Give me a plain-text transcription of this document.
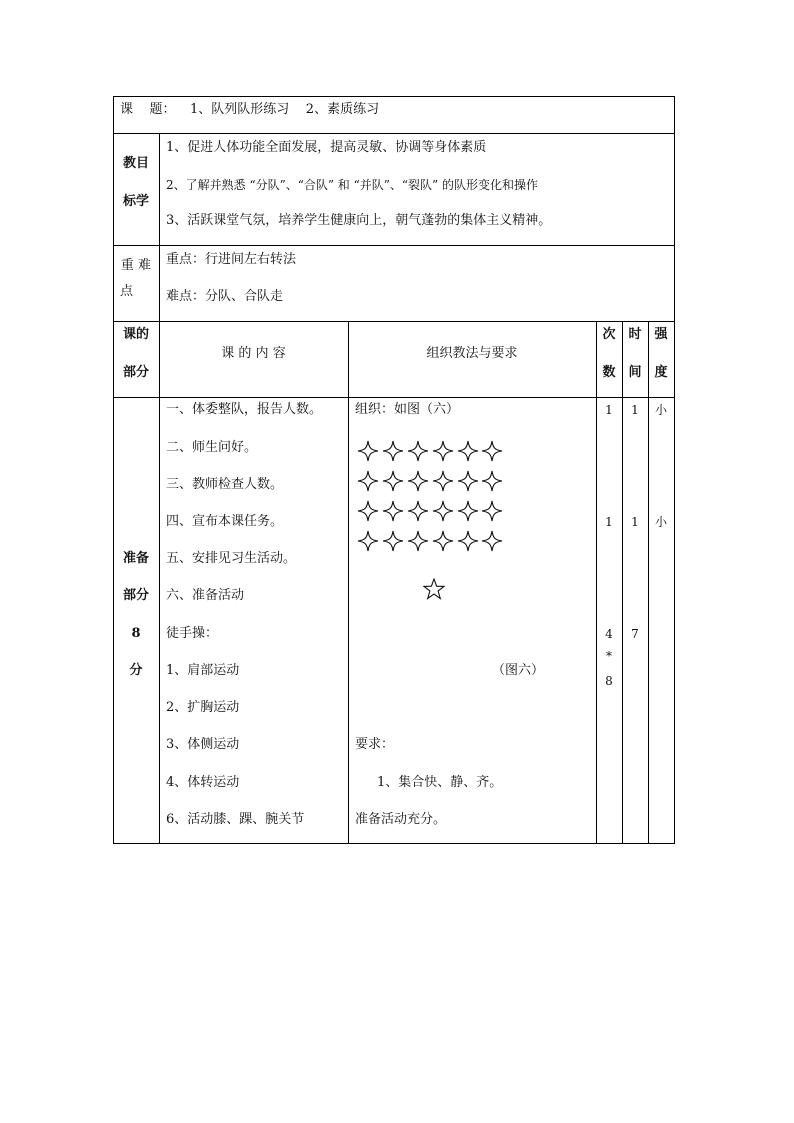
课    题： 1、队列队形练习    2、素质练习
教目
标学
1、促进人体功能全面发展，提高灵敏、协调等身体素质
2、了解并熟悉 “分队”、“合队” 和 “并队”、“裂队” 的队形变化和操作
3、活跃课堂气氛，培养学生健康向上，朝气蓬勃的集体主义精神。
重 难
点
重点：行进间左右转法
难点：分队、合队走
课的
部分
课 的 内 容	组织教法与要求
次
数
时
间
强
度
准备
部分
8
分
一、体委整队，报告人数。
二、师生问好。
三、教师检查人数。
四、宣布本课任务。
五、安排见习生活动。
六、准备活动
徒手操：
1、肩部运动
2、扩胸运动
3、体侧运动
4、体转运动
6、活动膝、踝、腕关节
组织：如图（六）
（图六）
要求：
1、集合快、静、齐。
准备活动充分。
1
1
4
*
8
1
1
7
小
小
